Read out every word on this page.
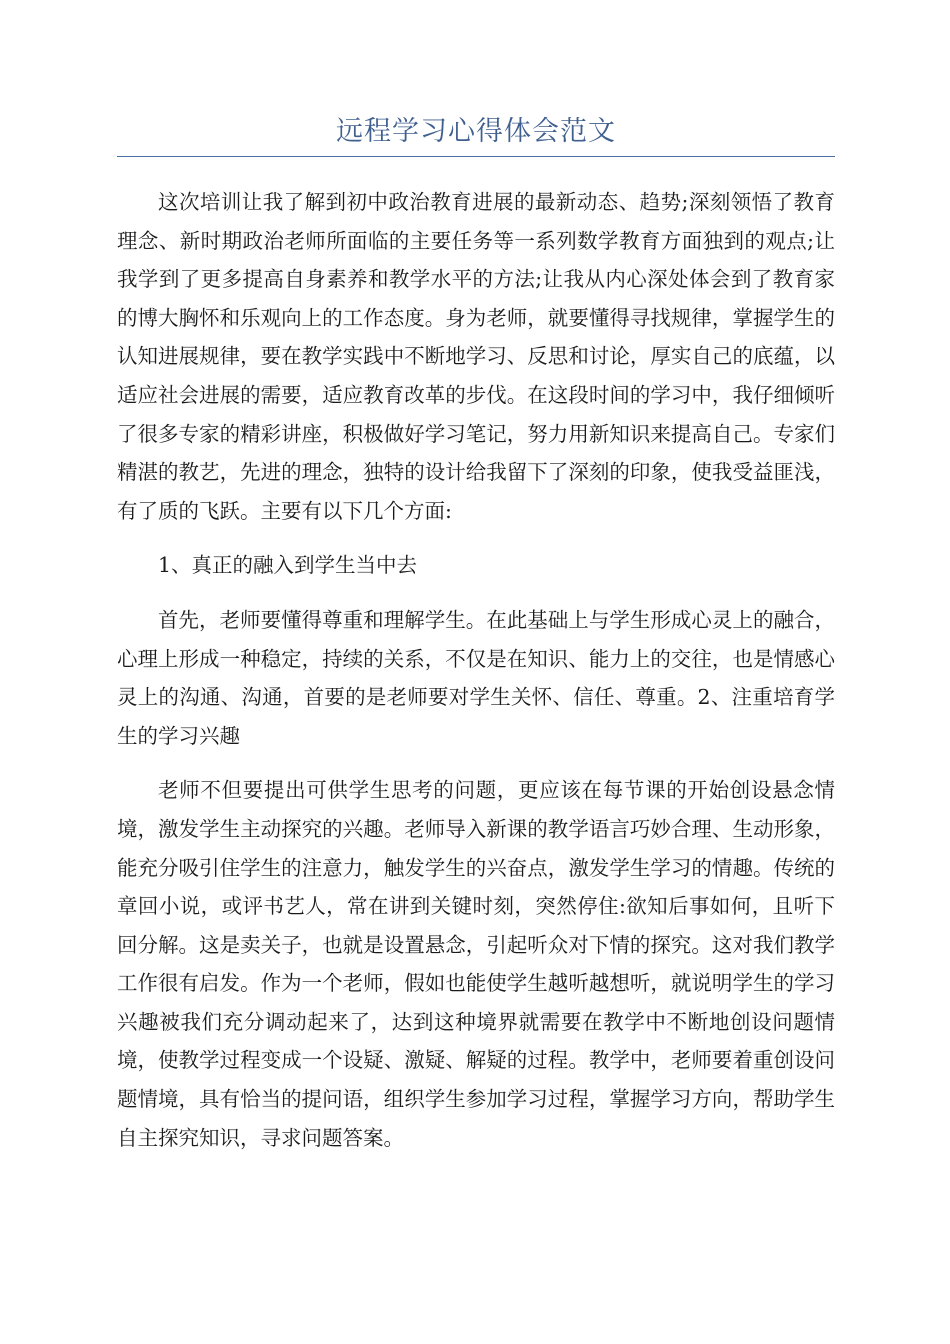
远程学习心得体会范文

这次培训让我了解到初中政治教育进展的最新动态、趋势;深刻领悟了教育理念、新时期政治老师所面临的主要任务等一系列数学教育方面独到的观点;让我学到了更多提高自身素养和教学水平的方法;让我从内心深处体会到了教育家的博大胸怀和乐观向上的工作态度。身为老师，就要懂得寻找规律，掌握学生的认知进展规律，要在教学实践中不断地学习、反思和讨论，厚实自己的底蕴，以适应社会进展的需要，适应教育改革的步伐。在这段时间的学习中，我仔细倾听了很多专家的精彩讲座，积极做好学习笔记，努力用新知识来提高自己。专家们精湛的教艺，先进的理念，独特的设计给我留下了深刻的印象，使我受益匪浅，有了质的飞跃。主要有以下几个方面:

1、真正的融入到学生当中去

首先，老师要懂得尊重和理解学生。在此基础上与学生形成心灵上的融合，心理上形成一种稳定，持续的关系，不仅是在知识、能力上的交往，也是情感心灵上的沟通、沟通，首要的是老师要对学生关怀、信任、尊重。2、注重培育学生的学习兴趣

老师不但要提出可供学生思考的问题，更应该在每节课的开始创设悬念情境，激发学生主动探究的兴趣。老师导入新课的教学语言巧妙合理、生动形象，能充分吸引住学生的注意力，触发学生的兴奋点，激发学生学习的情趣。传统的章回小说，或评书艺人，常在讲到关键时刻，突然停住:欲知后事如何，且听下回分解。这是卖关子，也就是设置悬念，引起听众对下情的探究。这对我们教学工作很有启发。作为一个老师，假如也能使学生越听越想听，就说明学生的学习兴趣被我们充分调动起来了，达到这种境界就需要在教学中不断地创设问题情境，使教学过程变成一个设疑、激疑、解疑的过程。教学中，老师要着重创设问题情境，具有恰当的提问语，组织学生参加学习过程，掌握学习方向，帮助学生自主探究知识，寻求问题答案。
